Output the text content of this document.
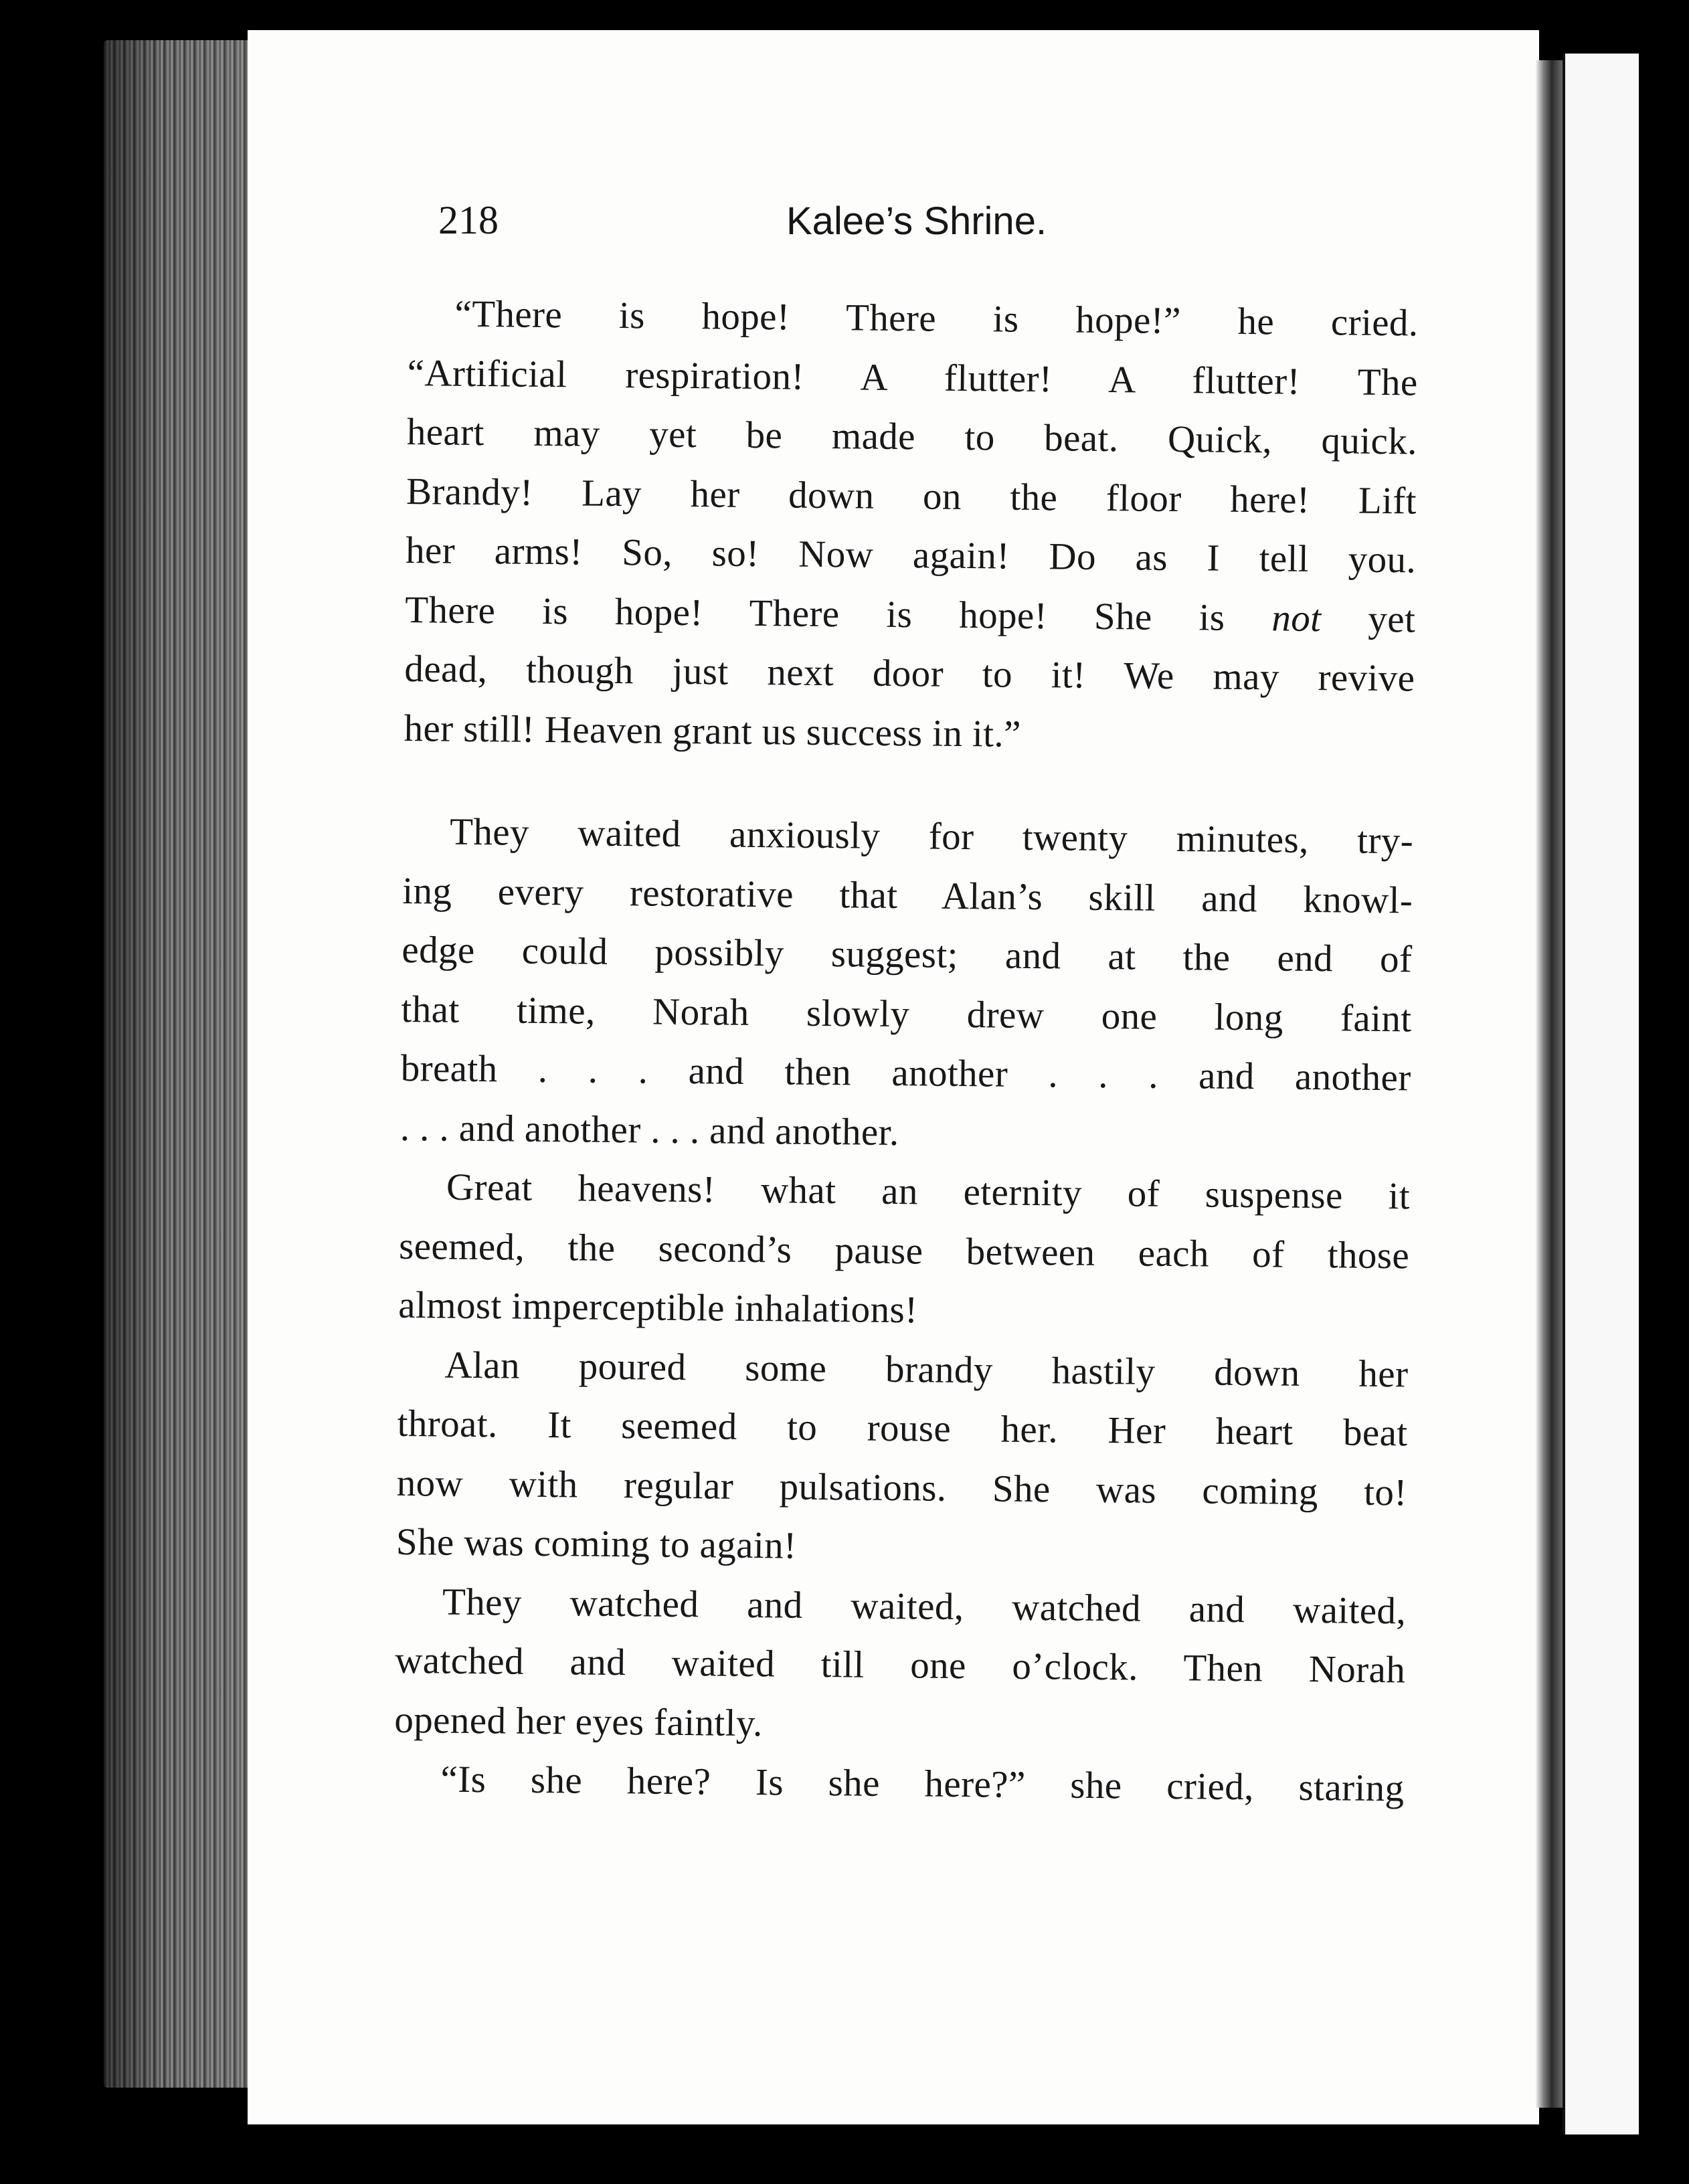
218	Kalee’s Shrine.
“There is hope! There is hope!” he cried.
“Artificial respiration! A flutter! A flutter! The
heart may yet be made to beat. Quick, quick.
Brandy! Lay her down on the floor here! Lift
her arms! So, so! Now again! Do as I tell you.
There is hope! There is hope! She is not yet
dead, though just next door to it! We may revive
her still! Heaven grant us success in it.”
They waited anxiously for twenty minutes, try-
ing every restorative that Alan’s skill and knowl-
edge could possibly suggest; and at the end of
that time, Norah slowly drew one long faint
breath . . . and then another . . . and another
. . . and another . . . and another.
Great heavens! what an eternity of suspense it
seemed, the second’s pause between each of those
almost imperceptible inhalations!
Alan poured some brandy hastily down her
throat. It seemed to rouse her. Her heart beat
now with regular pulsations. She was coming to!
She was coming to again!
They watched and waited, watched and waited,
watched and waited till one o’clock. Then Norah
opened her eyes faintly.
“Is she here? Is she here?” she cried, staring
